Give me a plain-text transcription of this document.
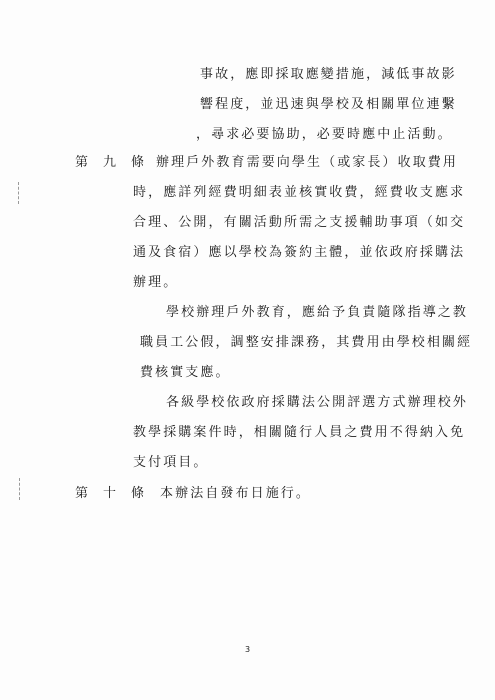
事故，應即採取應變措施，減低事故影
響程度，並迅速與學校及相關單位連繫
，尋求必要協助，必要時應中止活動。
第 九 條 辦理戶外教育需要向學生（或家長）收取費用
時，應詳列經費明細表並核實收費，經費收支應求
合理、公開，有關活動所需之支援輔助事項（如交
通及食宿）應以學校為簽約主體，並依政府採購法
辦理。
學校辦理戶外教育，應給予負責隨隊指導之教
職員工公假，調整安排課務，其費用由學校相關經
費核實支應。
各級學校依政府採購法公開評選方式辦理校外
教學採購案件時，相關隨行人員之費用不得納入免
支付項目。
第 十 條 本辦法自發布日施行。
3
